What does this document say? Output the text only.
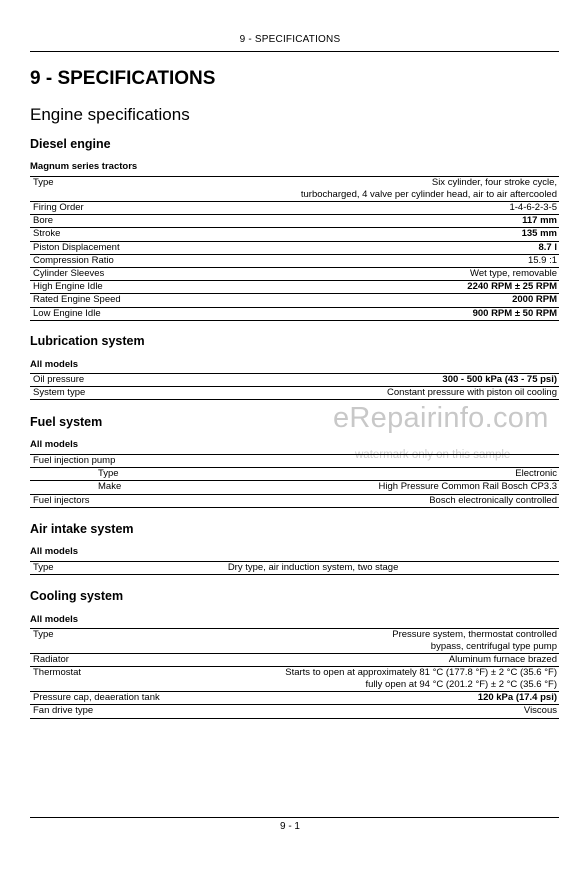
9 - SPECIFICATIONS
9 - SPECIFICATIONS
Engine specifications
Diesel engine
Magnum series tractors
Type	Six cylinder, four stroke cycle,
turbocharged, 4 valve per cylinder head, air to air aftercooled

Firing Order	1-4-6-2-3-5
Bore	117 mm
Stroke	135 mm
Piston Displacement	8.7 l
Compression Ratio	15.9 :1
Cylinder Sleeves	Wet type, removable
High Engine Idle	2240 RPM ± 25 RPM
Rated Engine Speed	2000 RPM
Low Engine Idle	900 RPM ± 50 RPM
Lubrication system
All models
Oil pressure	300 - 500 kPa (43 - 75 psi)
System type	Constant pressure with piston oil cooling
eRepairinfo.com
watermark only on this sample
Fuel system
All models
Fuel injection pump	
Type	Electronic
Make	High Pressure Common Rail Bosch CP3.3
Fuel injectors	Bosch electronically controlled
Air intake system
All models
Type	Dry type, air induction system, two stage
Cooling system
All models
Type	Pressure system, thermostat controlled
bypass, centrifugal type pump

Radiator	Aluminum furnace brazed
Thermostat	Starts to open at approximately 81 °C (177.8 °F) ± 2 °C (35.6 °F)
fully open at 94 °C (201.2 °F) ± 2 °C (35.6 °F)

Pressure cap, deaeration tank	120 kPa (17.4 psi)
Fan drive type	Viscous
9 - 1
